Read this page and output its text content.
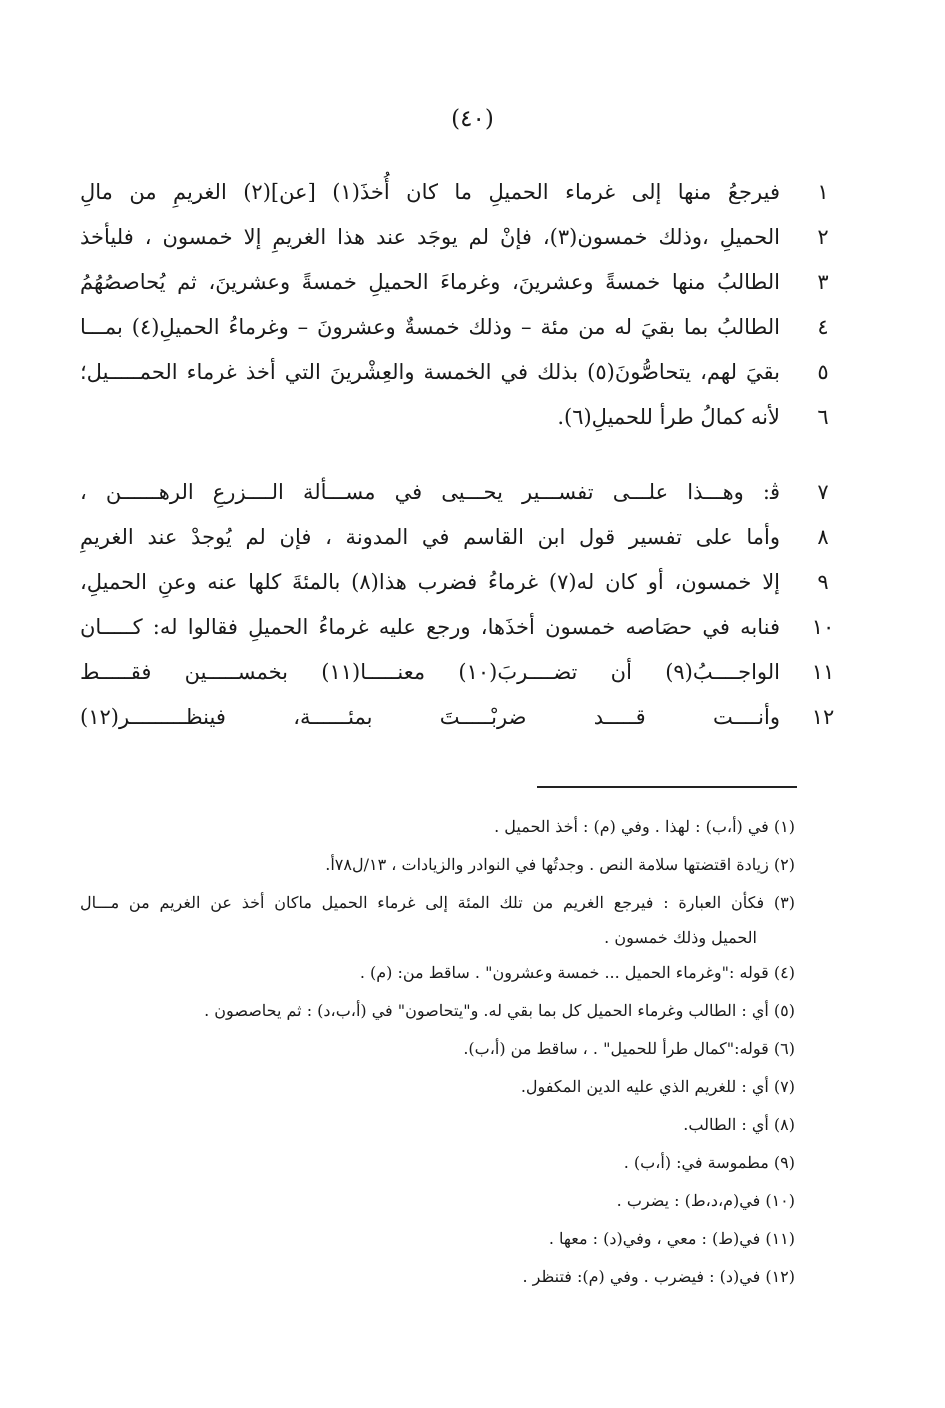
(٤٠)
١
فيرجعُ منها إلى غرماء الحميلِ ما كان أُخذَ(١) [عن](٢) الغريمِ من مالِ
٢
الحميلِ ،وذلك خمسون(٣)، فإنْ لم يوجَد عند هذا الغريمِ إلا خمسون ، فليأخذ
٣
الطالبُ منها خمسةً وعشرينَ، وغرماءَ الحميلِ خمسةً وعشرينَ، ثم يُحاصصُهُمُ
٤
الطالبُ بما بقيَ له من مئة – وذلك خمسةٌ وعشرونَ – وغرماءُ الحميلِ(٤) بمـــا
٥
بقيَ لهم، يتحاصُّونَ(٥) بذلك في الخمسة والعِشْرينَ التي أخذ غرماء الحمـــــيل؛
٦
لأنه كمالُ طرأ للحميلِ(٦).
٧
ﭬ: وهـــذا علـــى تفســـير يحـــيى في مســـألة الــــزرعِ الرهــــــن ،
٨
وأما على تفسير قول ابن القاسم في المدونة ، فإن لم يُوجدْ عند الغريمِ
٩
إلا خمسون، أو كان له(٧) غرماءُ فضرب هذا(٨) بالمئةَ كلها عنه وعنِ الحميلِ،
١٠
فنابه في حصَاصه خمسون أخذَها، ورجع عليه غرماءُ الحميلِ فقالوا له: كـــــان
١١
الواجــــبُ(٩) أن تضــــربَ(١٠) معنـــــا(١١) بخمســـــين فقـــــط
١٢
وأنــــت قـــــد ضربْـــــتَ بمئــــــة، فينظـــــــــر(١٢)
(١) في (أ،ب) : لهذا . وفي (م) : أخذ الحميل .
(٢) زيادة اقتضتها سلامة النص . وجدتُها في النوادر والزيادات ، ١٣/ل٧٨أ.
(٣) فكأن العبارة : فيرجع الغريم من تلك المئة إلى غرماء الحميل ماكان أخذ عن الغريم من مـــال
الحميل وذلك خمسون .
(٤) قوله :"وغرماء الحميل ... خمسة وعشرون" . ساقط من: (م) .
(٥) أي : الطالب وغرماء الحميل كل بما بقي له. و"يتحاصون" في (أ،ب،د) : ثم يحاصصون .
(٦) قوله:"كمال طرأ للحميل" . ، ساقط من (أ،ب).
(٧) أي : للغريم الذي عليه الدين المكفول.
(٨) أي : الطالب.
(٩) مطموسة في: (أ،ب) .
(١٠) في(م،د،ط) : يضرب .
(١١) في(ط) : معي ، وفي(د) : معها .
(١٢) في(د) : فيضرب . وفي (م): فتنظر .
